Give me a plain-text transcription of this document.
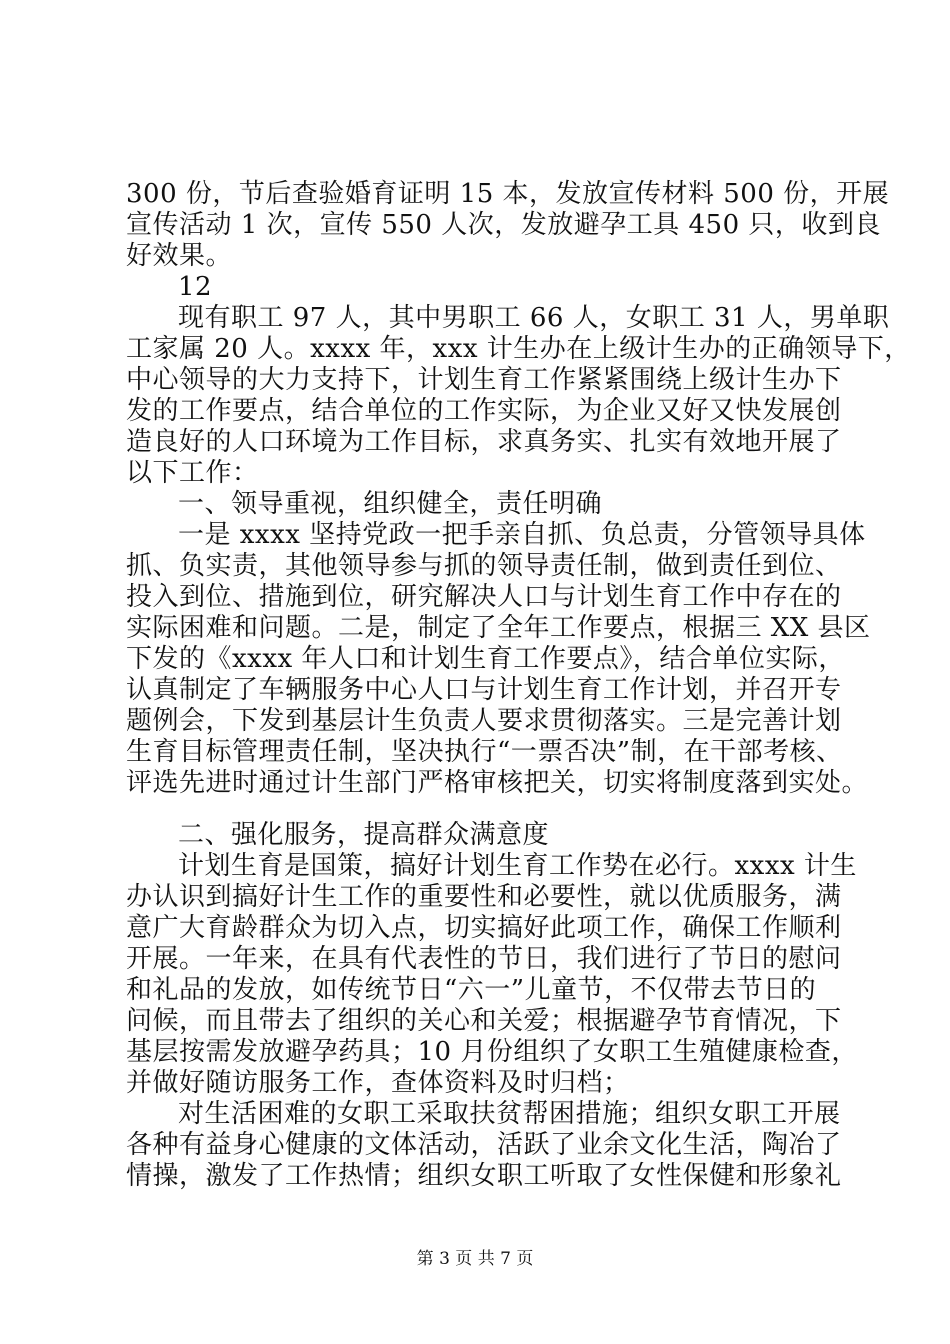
300 份，节后查验婚育证明 15 本，发放宣传材料 500 份，开展
宣传活动 1 次，宣传 550 人次，发放避孕工具 450 只，收到良
好效果。
12
现有职工 97 人，其中男职工 66 人，女职工 31 人，男单职
工家属 20 人。xxxx 年，xxx 计生办在上级计生办的正确领导下，
中心领导的大力支持下，计划生育工作紧紧围绕上级计生办下
发的工作要点，结合单位的工作实际，为企业又好又快发展创
造良好的人口环境为工作目标，求真务实、扎实有效地开展了
以下工作：
一、领导重视，组织健全，责任明确
一是 xxxx 坚持党政一把手亲自抓、负总责，分管领导具体
抓、负实责，其他领导参与抓的领导责任制，做到责任到位、
投入到位、措施到位，研究解决人口与计划生育工作中存在的
实际困难和问题。二是，制定了全年工作要点，根据三 XX 县区
下发的《xxxx 年人口和计划生育工作要点》，结合单位实际，
认真制定了车辆服务中心人口与计划生育工作计划，并召开专
题例会，下发到基层计生负责人要求贯彻落实。三是完善计划
生育目标管理责任制，坚决执行“一票否决”制，在干部考核、
评选先进时通过计生部门严格审核把关，切实将制度落到实处。
二、强化服务，提高群众满意度
计划生育是国策，搞好计划生育工作势在必行。xxxx 计生
办认识到搞好计生工作的重要性和必要性，就以优质服务，满
意广大育龄群众为切入点，切实搞好此项工作，确保工作顺利
开展。一年来，在具有代表性的节日，我们进行了节日的慰问
和礼品的发放，如传统节日“六一”儿童节，不仅带去节日的
问候，而且带去了组织的关心和关爱；根据避孕节育情况，下
基层按需发放避孕药具；10 月份组织了女职工生殖健康检查，
并做好随访服务工作，查体资料及时归档；
对生活困难的女职工采取扶贫帮困措施；组织女职工开展
各种有益身心健康的文体活动，活跃了业余文化生活，陶冶了
情操，激发了工作热情；组织女职工听取了女性保健和形象礼
第 3 页 共 7 页
